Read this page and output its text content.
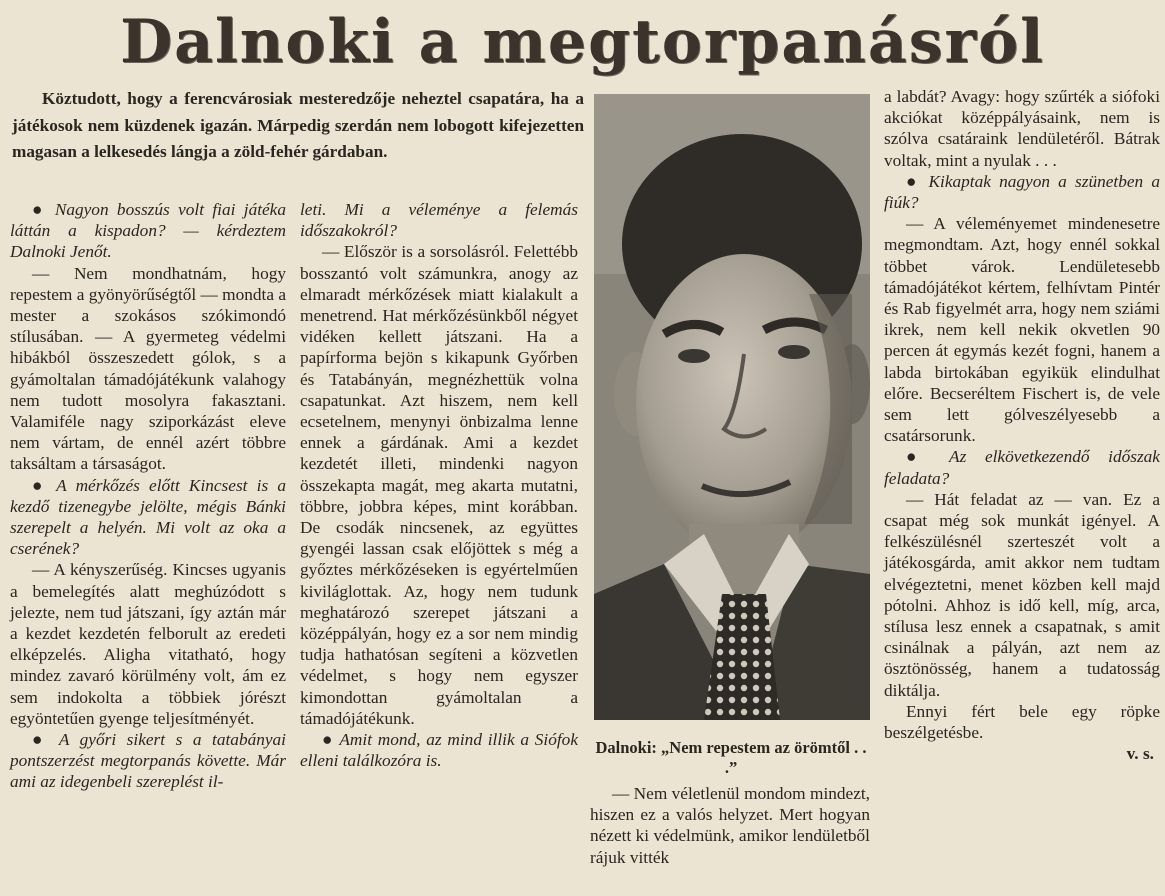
Dalnoki a megtorpanásról
Köztudott, hogy a ferencvárosiak mesteredzője neheztel csapatára, ha a játékosok nem küzdenek igazán. Márpedig szerdán nem lobogott kifejezetten magasan a lelkesedés lángja a zöld-fehér gárdaban.

● Nagyon bosszús volt fiai játéka láttán a kispadon? — kérdeztem Dalnoki Jenőt.

— Nem mondhatnám, hogy repestem a gyönyörűségtől — mondta a mester a szokásos szókimondó stílusában. — A gyermeteg védelmi hibákból összeszedett gólok, s a gyámoltalan támadójátékunk valahogy nem tudott mosolyra fakasztani. Valamiféle nagy sziporkázást eleve nem vártam, de ennél azért többre taksáltam a társaságot.

● A mérkőzés előtt Kincsest is a kezdő tizenegybe jelölte, mégis Bánki szerepelt a helyén. Mi volt az oka a cserének?

— A kényszerűség. Kincses ugyanis a bemelegítés alatt meghúzódott s jelezte, nem tud játszani, így aztán már a kezdet kezdetén felborult az eredeti elképzelés. Aligha vitatható, hogy mindez zavaró körülmény volt, ám ez sem indokolta a többiek jórészt egyöntetűen gyenge teljesítményét.

● A győri sikert s a tatabányai pontszerzést megtorpanás követte. Már ami az idegenbeli szereplést il-

leti. Mi a véleménye a felemás időszakokról?

— Először is a sorsolásról. Felettébb bosszantó volt számunkra, anogy az elmaradt mérkőzések miatt kialakult a menetrend. Hat mérkőzésünkből négyet vidéken kellett játszani. Ha a papírforma bejön s kikapunk Győrben és Tatabányán, megnézhettük volna csapatunkat. Azt hiszem, nem kell ecsetelnem, menynyi önbizalma lenne ennek a gárdának. Ami a kezdet kezdetét illeti, mindenki nagyon összekapta magát, meg akarta mutatni, többre, jobbra képes, mint korábban. De csodák nincsenek, az együttes gyengéi lassan csak előjöttek s még a győztes mérkőzéseken is egyértelműen kiviláglottak. Az, hogy nem tudunk meghatározó szerepet játszani a középpályán, hogy ez a sor nem mindig tudja hathatósan segíteni a közvetlen védelmet, s hogy nem egyszer kimondottan gyámoltalan a támadójátékunk.

● Amit mond, az mind illik a Siófok elleni találkozóra is.

Dalnoki: „Nem repestem az örömtől . . .”

— Nem véletlenül mondom mindezt, hiszen ez a valós helyzet. Mert hogyan nézett ki védelmünk, amikor lendületből rájuk vitték

a labdát? Avagy: hogy szűrték a siófoki akciókat középpályásaink, nem is szólva csatáraink lendületéről. Bátrak voltak, mint a nyulak . . .

● Kikaptak nagyon a szünetben a fiúk?

— A véleményemet mindenesetre megmondtam. Azt, hogy ennél sokkal többet várok. Lendületesebb támadójátékot kértem, felhívtam Pintér és Rab figyelmét arra, hogy nem sziámi ikrek, nem kell nekik okvetlen 90 percen át egymás kezét fogni, hanem a labda birtokában egyikük elindulhat előre. Becseréltem Fischert is, de vele sem lett gólveszélyesebb a csatársorunk.

● Az elkövetkezendő időszak feladata?

— Hát feladat az — van. Ez a csapat még sok munkát igényel. A felkészülésnél szerteszét volt a játékosgárda, amit akkor nem tudtam elvégeztetni, menet közben kell majd pótolni. Ahhoz is idő kell, míg, arca, stílusa lesz ennek a csapatnak, s amit csinálnak a pályán, azt nem az ösztönösség, hanem a tudatosság diktálja.

Ennyi fért bele egy röpke beszélgetésbe.

v. s.
